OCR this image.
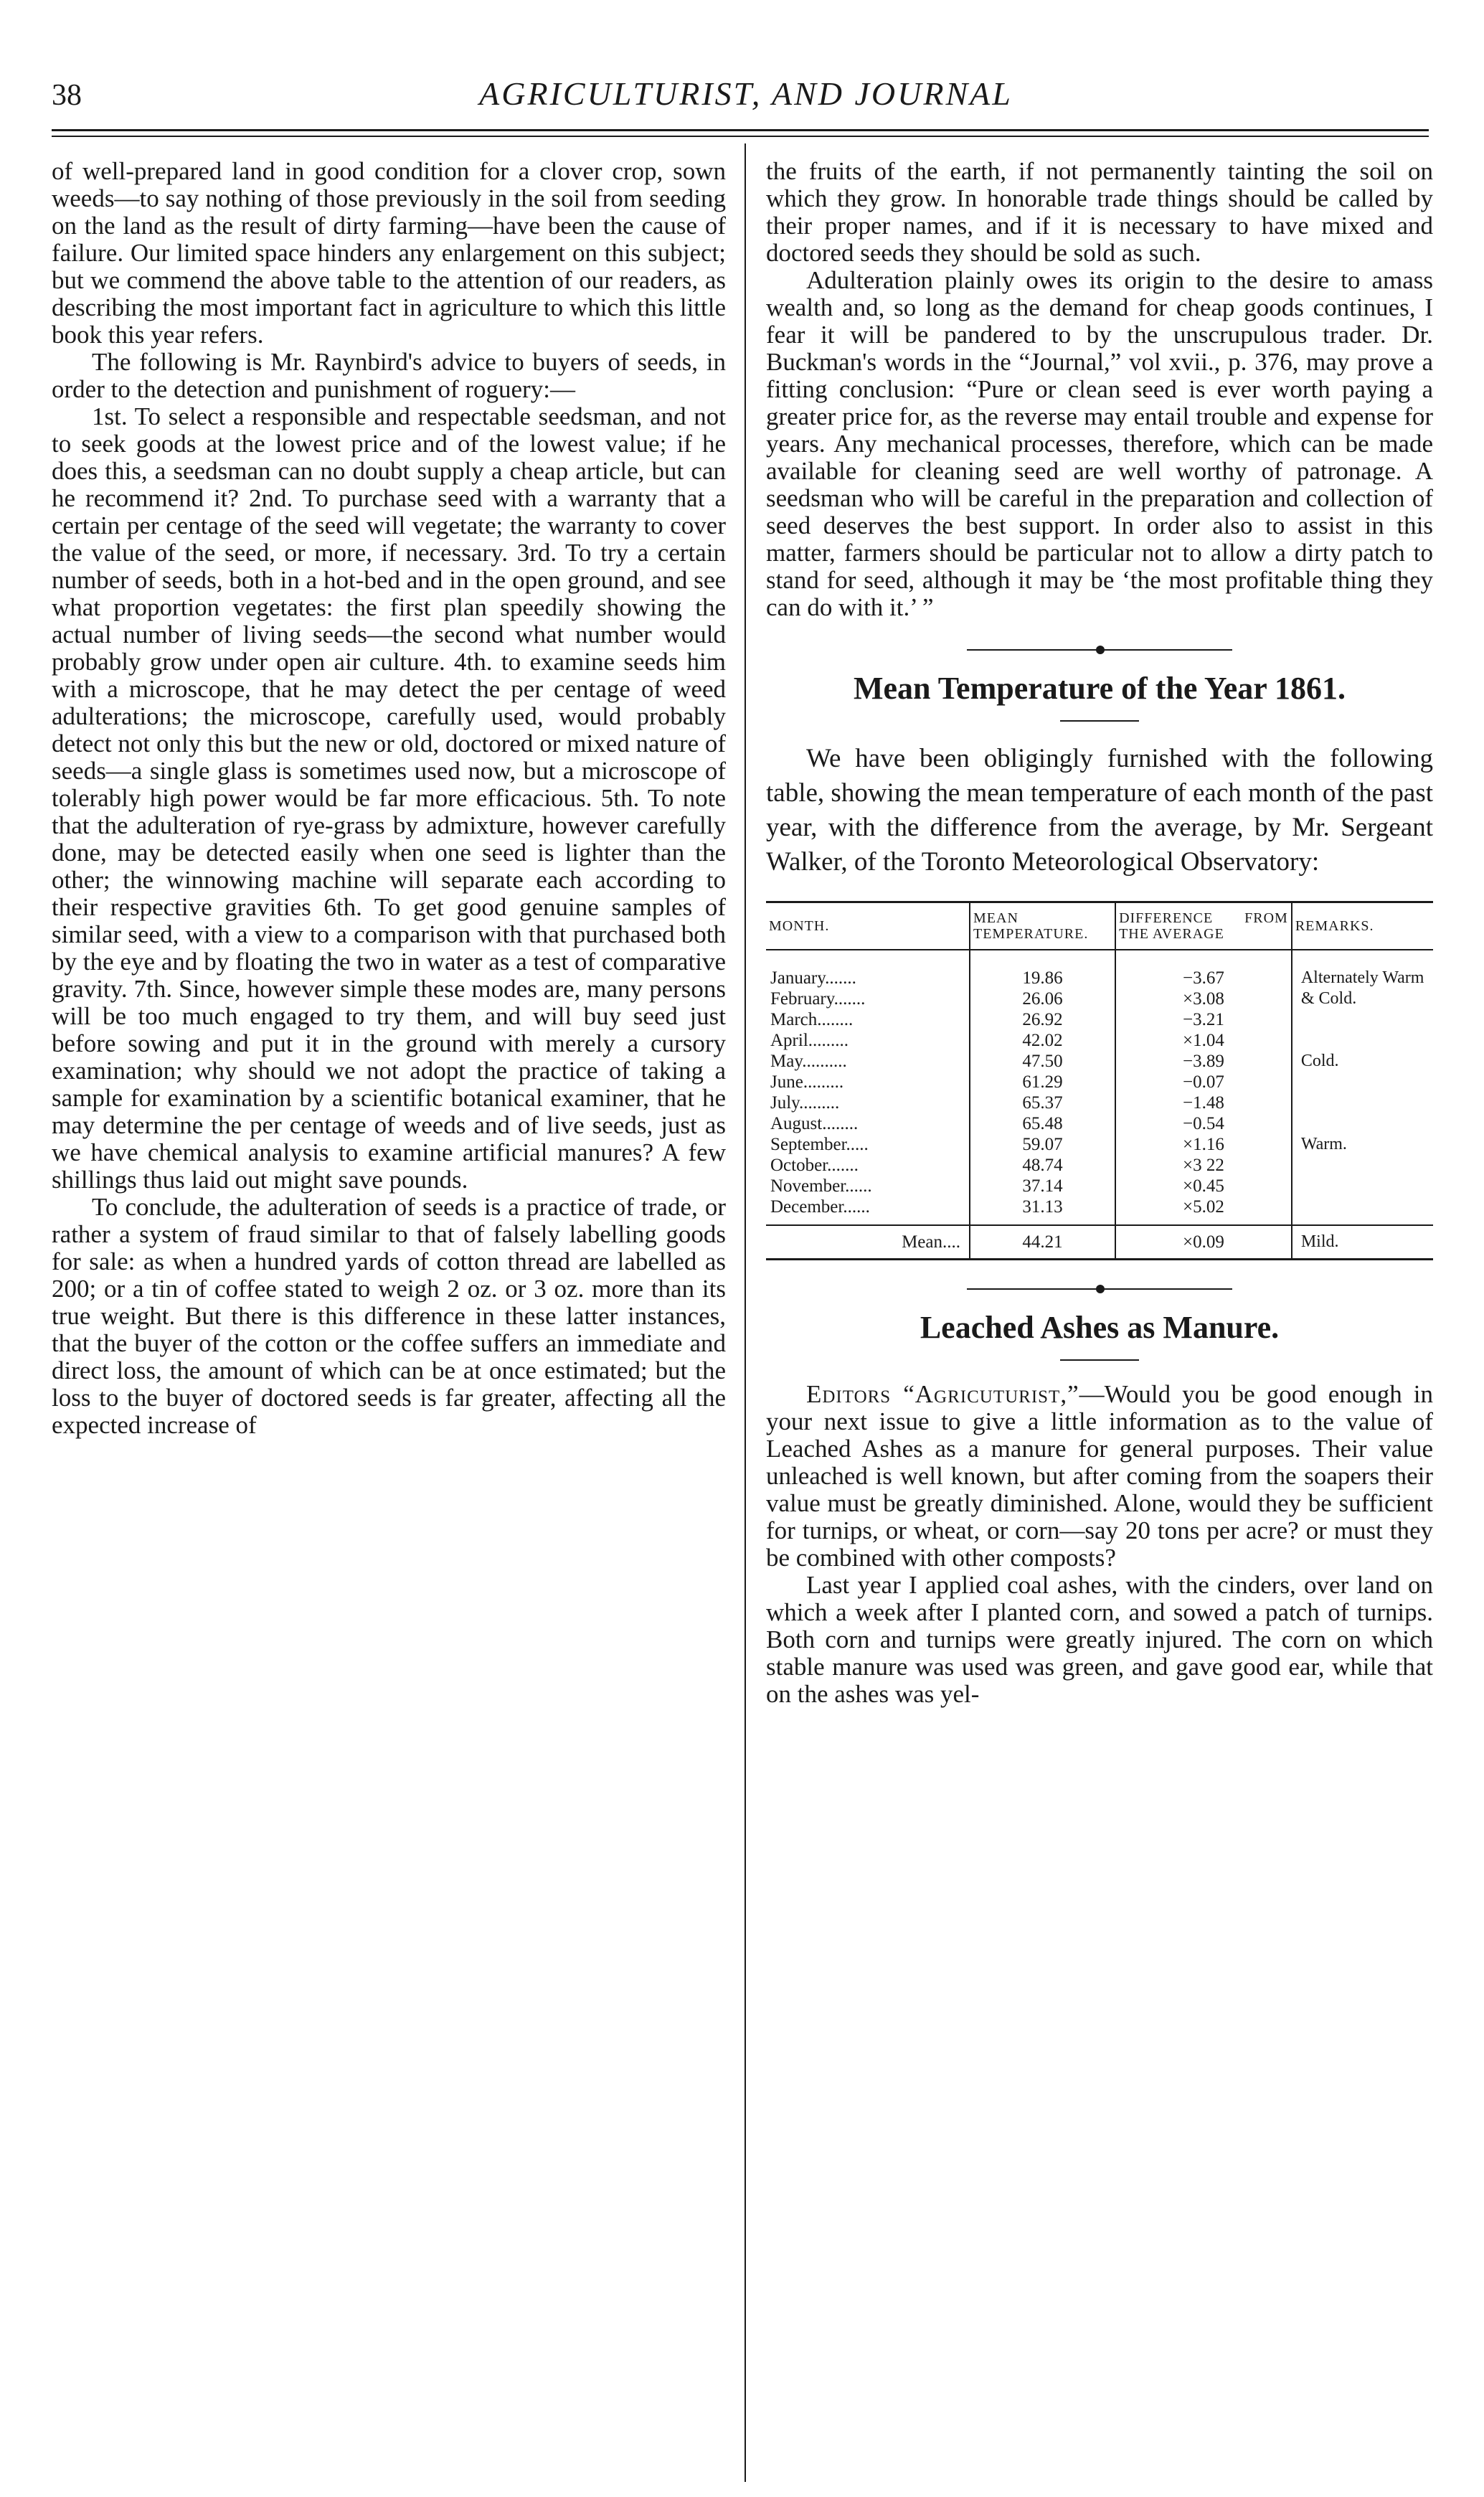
38	AGRICULTURIST, AND JOURNAL

of well-prepared land in good condition for a clover crop, sown weeds—to say nothing of those previously in the soil from seeding on the land as the result of dirty farming—have been the cause of failure. Our limited space hinders any enlargement on this subject; but we commend the above table to the attention of our readers, as describing the most important fact in agriculture to which this little book this year refers.

The following is Mr. Raynbird's advice to buyers of seeds, in order to the detection and punishment of roguery:—

1st. To select a responsible and respectable seedsman, and not to seek goods at the lowest price and of the lowest value; if he does this, a seedsman can no doubt supply a cheap article, but can he recommend it? 2nd. To purchase seed with a warranty that a certain per centage of the seed will vegetate; the warranty to cover the value of the seed, or more, if necessary. 3rd. To try a certain number of seeds, both in a hot-bed and in the open ground, and see what proportion vegetates: the first plan speedily showing the actual number of living seeds—the second what number would probably grow under open air culture. 4th. to examine seeds him with a microscope, that he may detect the per centage of weed adulterations; the microscope, carefully used, would probably detect not only this but the new or old, doctored or mixed nature of seeds—a single glass is sometimes used now, but a microscope of tolerably high power would be far more efficacious. 5th. To note that the adulteration of rye-grass by admixture, however carefully done, may be detected easily when one seed is lighter than the other; the winnowing machine will separate each according to their respective gravities 6th. To get good genuine samples of similar seed, with a view to a comparison with that purchased both by the eye and by floating the two in water as a test of comparative gravity. 7th. Since, however simple these modes are, many persons will be too much engaged to try them, and will buy seed just before sowing and put it in the ground with merely a cursory examination; why should we not adopt the practice of taking a sample for examination by a scientific botanical examiner, that he may determine the per centage of weeds and of live seeds, just as we have chemical analysis to examine artificial manures? A few shillings thus laid out might save pounds.

To conclude, the adulteration of seeds is a practice of trade, or rather a system of fraud similar to that of falsely labelling goods for sale: as when a hundred yards of cotton thread are labelled as 200; or a tin of coffee stated to weigh 2 oz. or 3 oz. more than its true weight. But there is this difference in these latter instances, that the buyer of the cotton or the coffee suffers an immediate and direct loss, the amount of which can be at once estimated; but the loss to the buyer of doctored seeds is far greater, affecting all the expected increase of

the fruits of the earth, if not permanently tainting the soil on which they grow. In honorable trade things should be called by their proper names, and if it is necessary to have mixed and doctored seeds they should be sold as such.

Adulteration plainly owes its origin to the desire to amass wealth and, so long as the demand for cheap goods continues, I fear it will be pandered to by the unscrupulous trader. Dr. Buckman's words in the “Journal,” vol xvii., p. 376, may prove a fitting conclusion: “Pure or clean seed is ever worth paying a greater price for, as the reverse may entail trouble and expense for years. Any mechanical processes, therefore, which can be made available for cleaning seed are well worthy of patronage. A seedsman who will be careful in the preparation and collection of seed deserves the best support. In order also to assist in this matter, farmers should be particular not to allow a dirty patch to stand for seed, although it may be ‘the most profitable thing they can do with it.’ ”

Mean Temperature of the Year 1861.

We have been obligingly furnished with the following table, showing the mean temperature of each month of the past year, with the difference from the average, by Mr. Sergeant Walker, of the Toronto Meteorological Observatory:

MONTH.	MEAN TEMPERATURE.	DIFFERENCE FROM THE AVERAGE	REMARKS.
January.......	19.86	−3.67	Alternately Warm & Cold.
February.......	26.06	×3.08	
March........	26.92	−3.21	
April.........	42.02	×1.04	
May..........	47.50	−3.89	Cold.
June.........	61.29	−0.07	
July.........	65.37	−1.48	
August........	65.48	−0.54	
September.....	59.07	×1.16	Warm.
October.......	48.74	×3 22	
November......	37.14	×0.45	
December......	31.13	×5.02	
Mean....	44.21	×0.09	Mild.
Leached Ashes as Manure.

Editors “Agricuturist,”—Would you be good enough in your next issue to give a little information as to the value of Leached Ashes as a manure for general purposes. Their value unleached is well known, but after coming from the soapers their value must be greatly diminished. Alone, would they be sufficient for turnips, or wheat, or corn—say 20 tons per acre? or must they be combined with other composts?

Last year I applied coal ashes, with the cinders, over land on which a week after I planted corn, and sowed a patch of turnips. Both corn and turnips were greatly injured. The corn on which stable manure was used was green, and gave good ear, while that on the ashes was yel-
